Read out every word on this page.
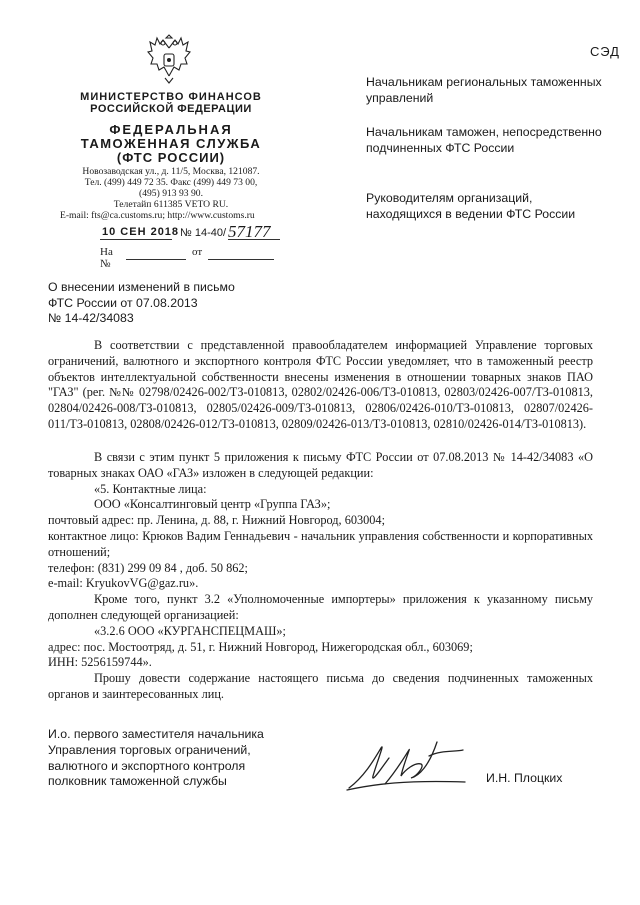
СЭД
МИНИСТЕРСТВО ФИНАНСОВ
РОССИЙСКОЙ ФЕДЕРАЦИИ
ФЕДЕРАЛЬНАЯ
ТАМОЖЕННАЯ СЛУЖБА
(ФТС РОССИИ)
Новозаводская ул., д. 11/5, Москва, 121087.
Тел. (499) 449 72 35. Факс (499) 449 73 00,
(495) 913 93 90.
Телетайп 611385 VETO RU.
E-mail: fts@ca.customs.ru; http://www.customs.ru
10 СЕН 2018 № 14-40/ 57177
На №
от
Начальникам региональных таможенных управлений
Начальникам таможен, непосредственно подчиненных ФТС России
Руководителям организаций, находящихся в ведении ФТС России
О внесении изменений в письмо
ФТС России от 07.08.2013
№ 14-42/34083
В соответствии с представленной правообладателем информацией Управление торговых ограничений, валютного и экспортного контроля ФТС России уведомляет, что в таможенный реестр объектов интеллектуальной собственности внесены изменения в отношении товарных знаков ПАО "ГАЗ" (рег. №№ 02798/02426-002/ТЗ-010813, 02802/02426-006/ТЗ-010813, 02803/02426-007/ТЗ-010813, 02804/02426-008/ТЗ-010813, 02805/02426-009/ТЗ-010813, 02806/02426-010/ТЗ-010813, 02807/02426-011/ТЗ-010813, 02808/02426-012/ТЗ-010813, 02809/02426-013/ТЗ-010813, 02810/02426-014/ТЗ-010813).

В связи с этим пункт 5 приложения к письму ФТС России от 07.08.2013 № 14-42/34083 «О товарных знаках ОАО «ГАЗ» изложен в следующей редакции:

«5. Контактные лица:

ООО «Консалтинговый центр «Группа ГАЗ»;

почтовый адрес: пр. Ленина, д. 88, г. Нижний Новгород, 603004;

контактное лицо: Крюков Вадим Геннадьевич - начальник управления собственности и корпоративных отношений;

телефон: (831) 299 09 84 , доб. 50 862;

e-mail: KryukovVG@gaz.ru».

Кроме того, пункт 3.2 «Уполномоченные импортеры» приложения к указанному письму дополнен следующей организацией:

«3.2.6 ООО «КУРГАНСПЕЦМАШ»;

адрес: пос. Мостоотряд, д. 51, г. Нижний Новгород, Нижегородская обл., 603069;

ИНН: 5256159744».

Прошу довести содержание настоящего письма до сведения подчиненных таможенных органов и заинтересованных лиц.

И.о. первого заместителя начальника
Управления торговых ограничений,
валютного и экспортного контроля
полковник таможенной службы	И.Н. Плоцких
